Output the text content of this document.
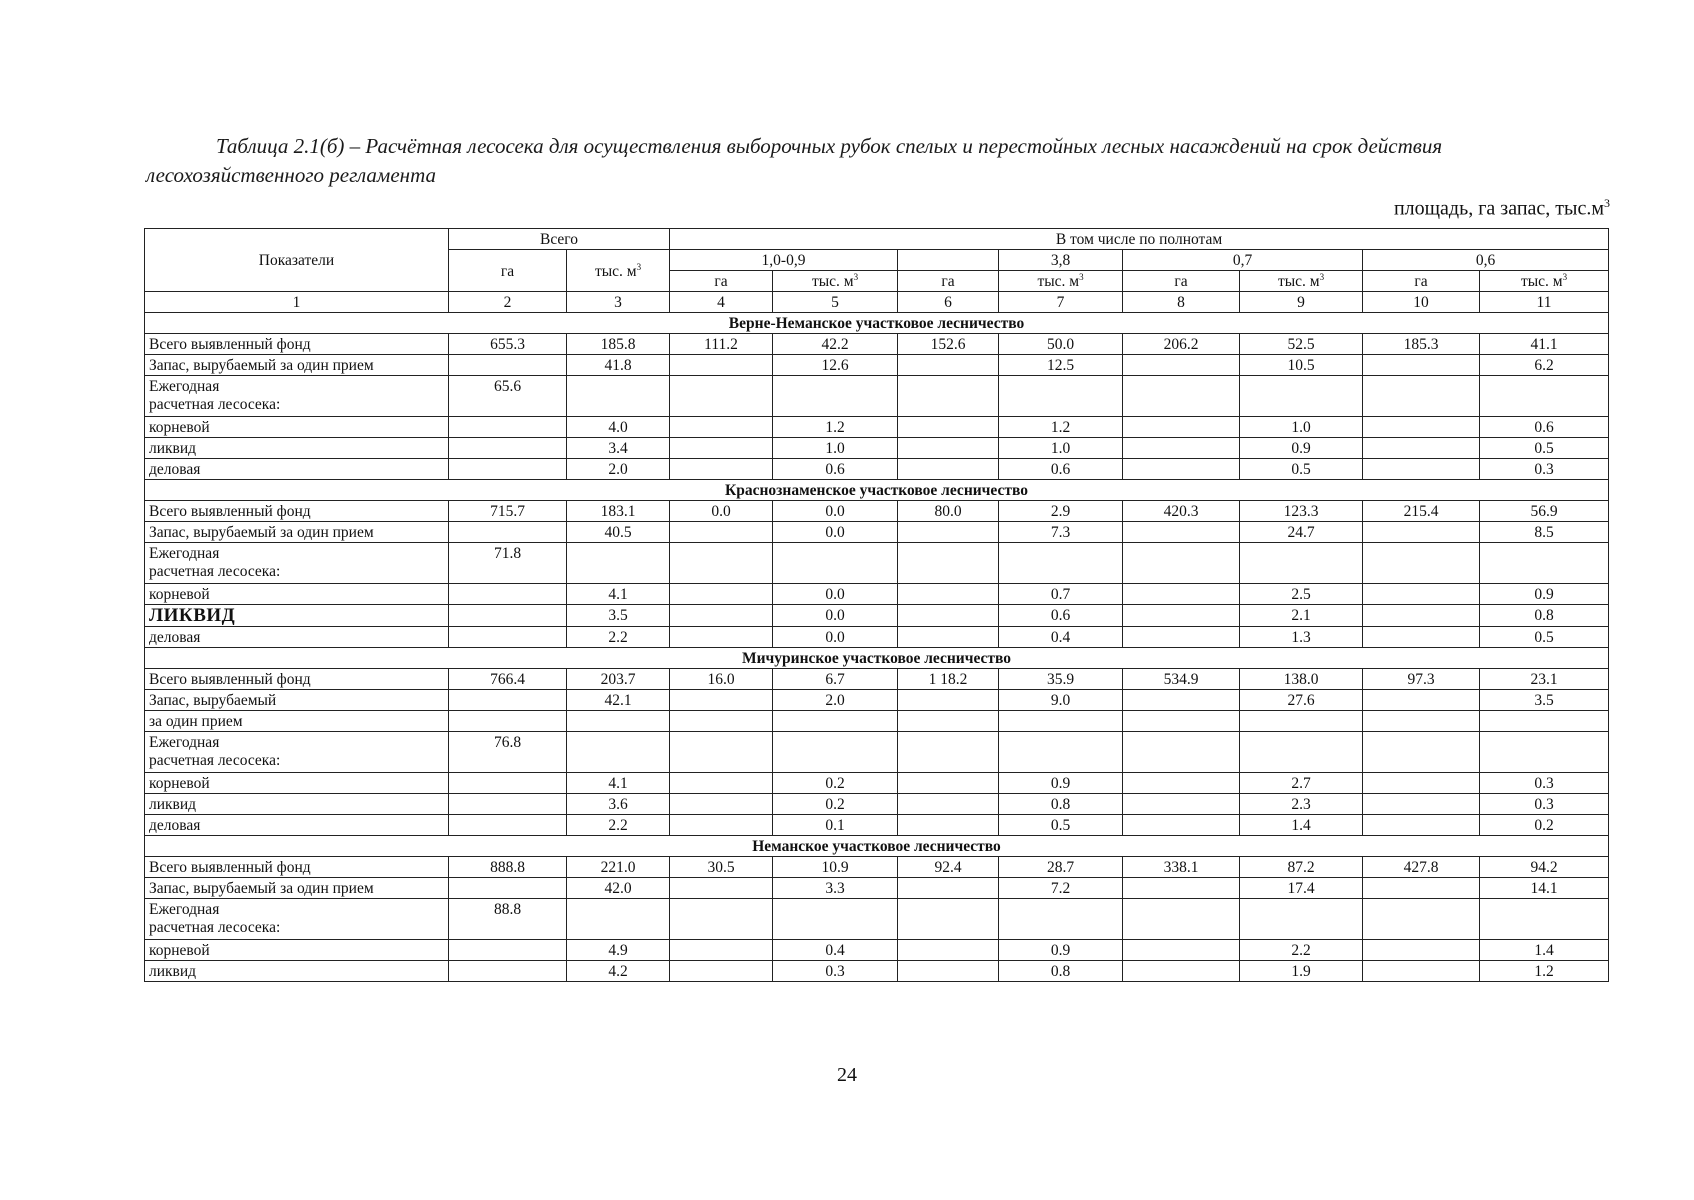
Таблица 2.1(б) – Расчётная лесосека для осуществления выборочных рубок спелых и перестойных лесных насаждений на срок действия лесохозяйственного регламента
площадь, га запас, $тыс.м^3$
Показатели	Всего		В том числе по полнотам							
	га	тыс. $м^3$	1,0-0,9			3,8	0,7		0,6	
			га	тыс. $м^3$	га	тыс. $м^3$	га	тыс. $м^3$	га	тыс. $м^3$
1	2	3	4	5	6	7	8	9	10	11
Верне-Неманское участковое лесничество										
Всего выявленный фонд	655.3	185.8	111.2	42.2	152.6	50.0	206.2	52.5	185.3	41.1
Запас, вырубаемый за один прием		41.8		12.6		12.5		10.5		6.2
Ежегодная
расчетная лесосека:	65.6									
корневой		4.0		1.2		1.2		1.0		0.6
ликвид		3.4		1.0		1.0		0.9		0.5
деловая		2.0		0.6		0.6		0.5		0.3
Краснознаменское участковое лесничество										
Всего выявленный фонд	715.7	183.1	0.0	0.0	80.0	2.9	420.3	123.3	215.4	56.9
Запас, вырубаемый за один прием		40.5		0.0		7.3		24.7		8.5
Ежегодная
расчетная лесосека:	71.8									
корневой		4.1		0.0		0.7		2.5		0.9
ЛИКВИД		3.5		0.0		0.6		2.1		0.8
деловая		2.2		0.0		0.4		1.3		0.5
Мичуринское участковое лесничество										
Всего выявленный фонд	766.4	203.7	16.0	6.7	1 18.2	35.9	534.9	138.0	97.3	23.1
Запас, вырубаемый		42.1		2.0		9.0		27.6		3.5
за один прием										
Ежегодная
расчетная лесосека:	76.8									
корневой		4.1		0.2		0.9		2.7		0.3
ликвид		3.6		0.2		0.8		2.3		0.3
деловая		2.2		0.1		0.5		1.4		0.2
Неманское участковое лесничество										
Всего выявленный фонд	888.8	221.0	30.5	10.9	92.4	28.7	338.1	87.2	427.8	94.2
Запас, вырубаемый за один прием		42.0		3.3		7.2		17.4		14.1
Ежегодная
расчетная лесосека:	88.8									
корневой		4.9		0.4		0.9		2.2		1.4
ликвид		4.2		0.3		0.8		1.9		1.2
24
